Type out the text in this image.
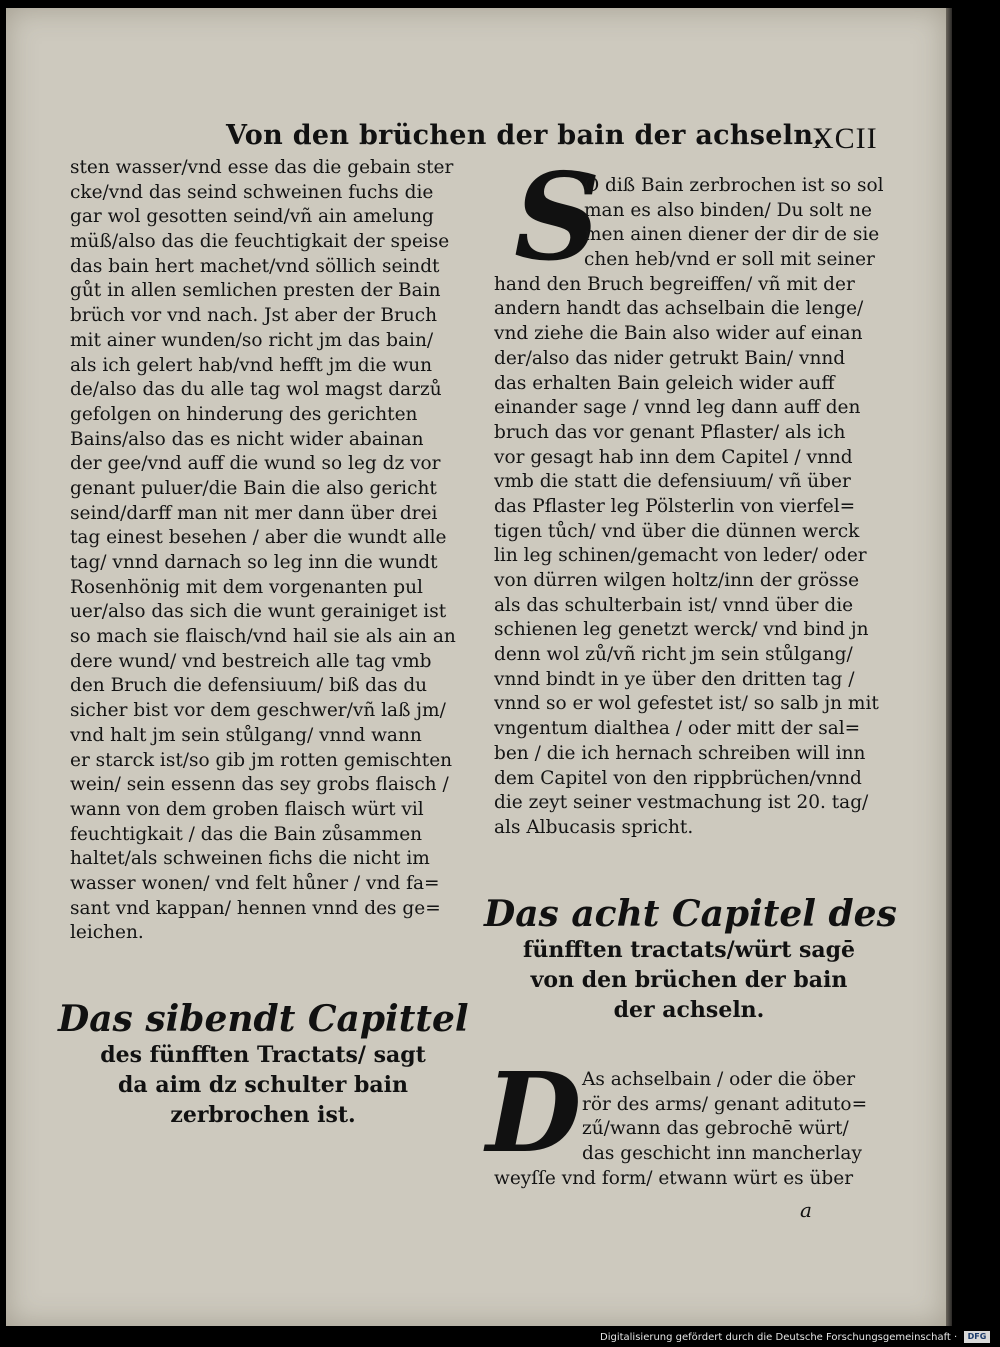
Von den brüchen der bain der achseln.
XCII
sten wasser/vnd esse das die gebain ster
cke/vnd das seind schweinen fuchs die
gar wol gesotten seind/vñ ain amelung
müß/also das die feuchtigkait der speise
das bain hert machet/vnd söllich seindt
gůt in allen semlichen presten der Bain
brüch vor vnd nach. Jst aber der Bruch
mit ainer wunden/so richt jm das bain/
als ich gelert hab/vnd hefft jm die wun
de/also das du alle tag wol magst darzů
gefolgen on hinderung des gerichten
Bains/also das es nicht wider abainan
der gee/vnd auff die wund so leg dz vor
genant puluer/die Bain die also gericht
seind/darff man nit mer dann über drei
tag einest besehen / aber die wundt alle
tag/ vnnd darnach so leg inn die wundt
Rosenhönig mit dem vorgenanten pul
uer/also das sich die wunt gerainiget ist
so mach sie flaisch/vnd hail sie als ain an
dere wund/ vnd bestreich alle tag vmb
den Bruch die defensiuum/ biß das du
sicher bist vor dem geschwer/vñ laß jm/
vnd halt jm sein stůlgang/ vnnd wann
er starck ist/so gib jm rotten gemischten
wein/ sein essenn das sey grobs flaisch /
wann von dem groben flaisch würt vil
feuchtigkait / das die Bain zůsammen
haltet/als schweinen fichs die nicht im
wasser wonen/ vnd felt hůner / vnd fa=
sant vnd kappan/ hennen vnnd des ge=
leichen.
Das sibendt Capittel
des fünfften Tractats/ sagt
da aim dz schulter bain
zerbrochen ist.
S
O diß Bain zerbrochen ist so sol
man es also binden/ Du solt ne
men ainen diener der dir de sie
chen heb/vnd er soll mit seiner
hand den Bruch begreiffen/ vñ mit der
andern handt das achselbain die lenge/
vnd ziehe die Bain also wider auf einan
der/also das nider getrukt Bain/ vnnd
das erhalten Bain geleich wider auff
einander sage / vnnd leg dann auff den
bruch das vor genant Pflaster/ als ich
vor gesagt hab inn dem Capitel / vnnd
vmb die statt die defensiuum/ vñ über
das Pflaster leg Pölsterlin von vierfel=
tigen tůch/ vnd über die dünnen werck
lin leg schinen/gemacht von leder/ oder
von dürren wilgen holtz/inn der grösse
als das schulterbain ist/ vnnd über die
schienen leg genetzt werck/ vnd bind jn
denn wol zů/vñ richt jm sein stůlgang/
vnnd bindt in ye über den dritten tag /
vnnd so er wol gefestet ist/ so salb jn mit
vngentum dialthea / oder mitt der sal=
ben / die ich hernach schreiben will inn
dem Capitel von den rippbrüchen/vnnd
die zeyt seiner vestmachung ist 20. tag/
als Albucasis spricht.
Das acht Capitel des
fünfften tractats/würt sagē
von den brüchen der bain
der achseln.
D As achselbain / oder die öber
rör des arms/ genant adituto=
zű/wann das gebrochē würt/
das geschicht inn mancherlay
weyſſe vnd form/ etwann würt es über
a
Digitalisierung gefördert durch die Deutsche Forschungsgemeinschaft ·	DFG
